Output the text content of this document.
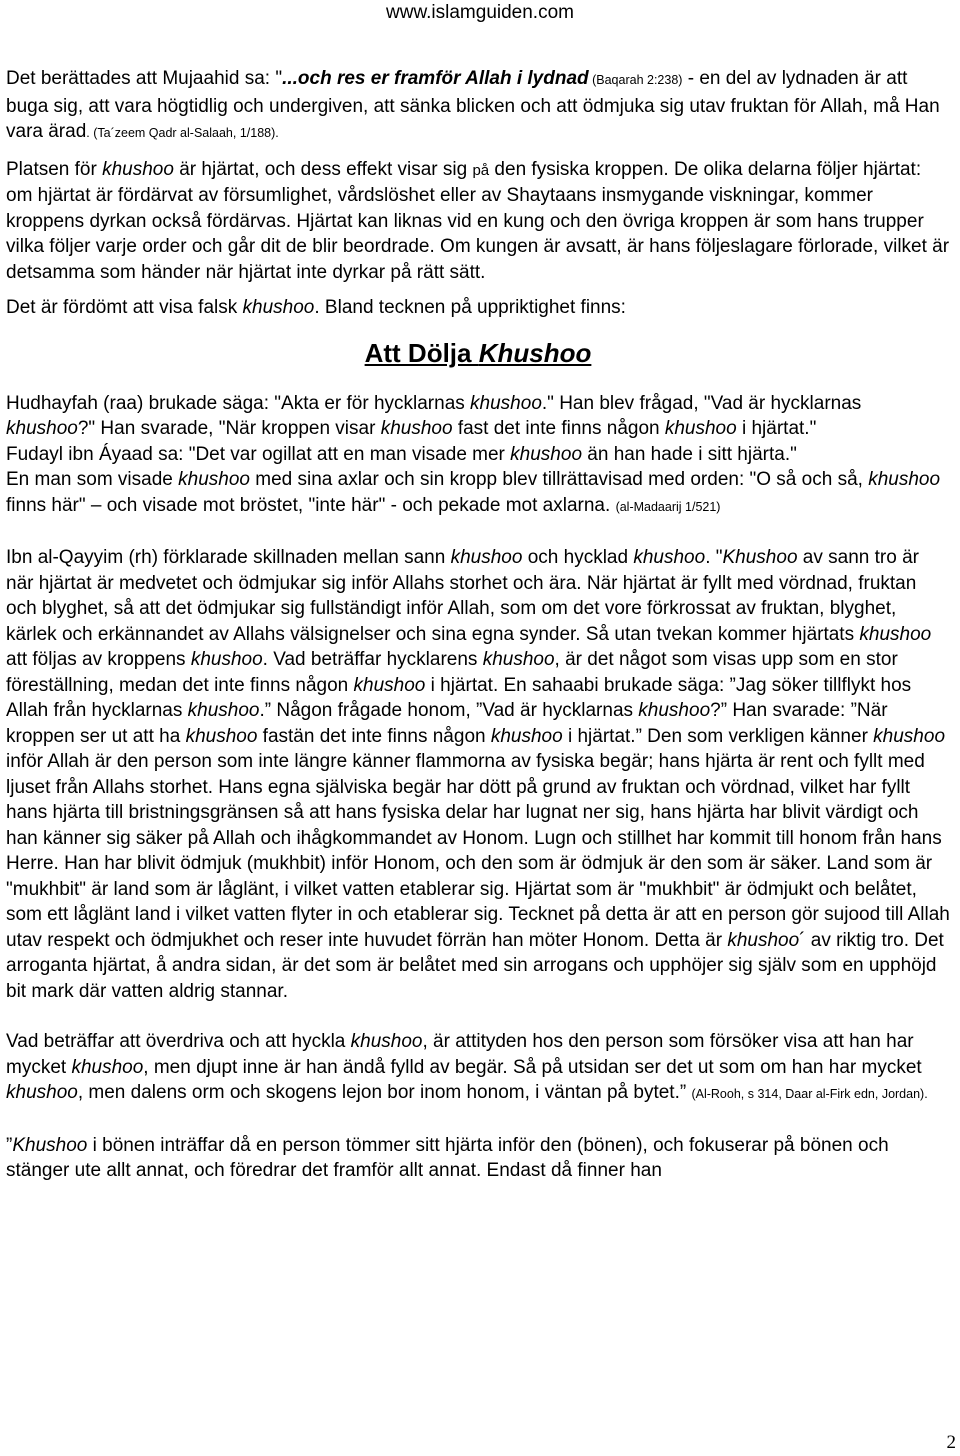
www.islamguiden.com

Det berättades att Mujaahid sa: "...och res er framför Allah i lydnad (Baqarah 2:238) - en del av lydnaden är att buga sig, att vara högtidlig och undergiven, att sänka blicken och att ödmjuka sig utav fruktan för Allah, må Han vara ärad. (Ta´zeem Qadr al-Salaah, 1/188).

Platsen för khushoo är hjärtat, och dess effekt visar sig på den fysiska kroppen. De olika delarna följer hjärtat: om hjärtat är fördärvat av försumlighet, vårdslöshet eller av Shaytaans insmygande viskningar, kommer kroppens dyrkan också fördärvas. Hjärtat kan liknas vid en kung och den övriga kroppen är som hans trupper vilka följer varje order och går dit de blir beordrade. Om kungen är avsatt, är hans följeslagare förlorade, vilket är detsamma som händer när hjärtat inte dyrkar på rätt sätt.

Det är fördömt att visa falsk khushoo. Bland tecknen på uppriktighet finns:

Att Dölja Khushoo

Hudhayfah (raa) brukade säga: "Akta er för hycklarnas khushoo." Han blev frågad, "Vad är hycklarnas khushoo?" Han svarade, "När kroppen visar khushoo fast det inte finns någon khushoo i hjärtat."

Fudayl ibn Áyaad sa: "Det var ogillat att en man visade mer khushoo än han hade i sitt hjärta."

En man som visade khushoo med sina axlar och sin kropp blev tillrättavisad med orden: "O så och så, khushoo finns här" – och visade mot bröstet, "inte här" - och pekade mot axlarna. (al-Madaarij 1/521)

Ibn al-Qayyim (rh) förklarade skillnaden mellan sann khushoo och hycklad khushoo. "Khushoo av sann tro är när hjärtat är medvetet och ödmjukar sig inför Allahs storhet och ära. När hjärtat är fyllt med vördnad, fruktan och blyghet, så att det ödmjukar sig fullständigt inför Allah, som om det vore förkrossat av fruktan, blyghet, kärlek och erkännandet av Allahs välsignelser och sina egna synder. Så utan tvekan kommer hjärtats khushoo att följas av kroppens khushoo. Vad beträffar hycklarens khushoo, är det något som visas upp som en stor föreställning, medan det inte finns någon khushoo i hjärtat. En sahaabi brukade säga: ”Jag söker tillflykt hos Allah från hycklarnas khushoo.” Någon frågade honom, ”Vad är hycklarnas khushoo?” Han svarade: ”När kroppen ser ut att ha khushoo fastän det inte finns någon khushoo i hjärtat.” Den som verkligen känner khushoo inför Allah är den person som inte längre känner flammorna av fysiska begär; hans hjärta är rent och fyllt med ljuset från Allahs storhet. Hans egna själviska begär har dött på grund av fruktan och vördnad, vilket har fyllt hans hjärta till bristningsgränsen så att hans fysiska delar har lugnat ner sig, hans hjärta har blivit värdigt och han känner sig säker på Allah och ihågkommandet av Honom. Lugn och stillhet har kommit till honom från hans Herre. Han har blivit ödmjuk (mukhbit) inför Honom, och den som är ödmjuk är den som är säker. Land som är "mukhbit" är land som är låglänt, i vilket vatten etablerar sig. Hjärtat som är "mukhbit" är ödmjukt och belåtet, som ett låglänt land i vilket vatten flyter in och etablerar sig. Tecknet på detta är att en person gör sujood till Allah utav respekt och ödmjukhet och reser inte huvudet förrän han möter Honom. Detta är khushoo´ av riktig tro. Det arroganta hjärtat, å andra sidan, är det som är belåtet med sin arrogans och upphöjer sig själv som en upphöjd bit mark där vatten aldrig stannar.

Vad beträffar att överdriva och att hyckla khushoo, är attityden hos den person som försöker visa att han har mycket khushoo, men djupt inne är han ändå fylld av begär. Så på utsidan ser det ut som om han har mycket khushoo, men dalens orm och skogens lejon bor inom honom, i väntan på bytet.” (Al-Rooh, s 314, Daar al-Firk edn, Jordan).

”Khushoo i bönen inträffar då en person tömmer sitt hjärta inför den (bönen), och fokuserar på bönen och stänger ute allt annat, och föredrar det framför allt annat. Endast då finner han

2
